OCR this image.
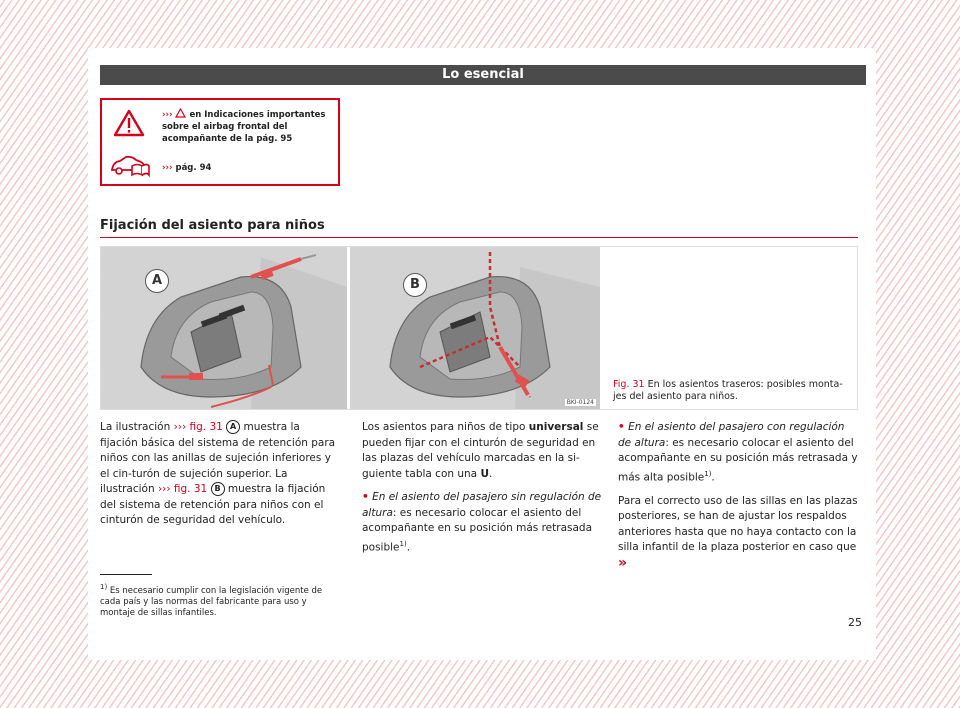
Lo esencial
››› en Indicaciones importantes sobre el airbag frontal del acompañante de la pág. 95
››› pág. 94
Fijación del asiento para niños
A	B
BKI-0124
Fig. 31 En los asientos traseros: posibles monta-jes del asiento para niños.

La ilustración ››› fig. 31 A muestra la fijación básica del sistema de retención para niños con las anillas de sujeción inferiores y el cin-turón de sujeción superior. La ilustración ››› fig. 31 B muestra la fijación del sistema de retención para niños con el cinturón de seguridad del vehículo.

Los asientos para niños de tipo universal se pueden fijar con el cinturón de seguridad en las plazas del vehículo marcadas en la si-guiente tabla con una U.

• En el asiento del pasajero sin regulación de altura: es necesario colocar el asiento del acompañante en su posición más retrasada posible$^{1)}$.

• En el asiento del pasajero con regulación de altura: es necesario colocar el asiento del acompañante en su posición más retrasada y más alta posible$^{1)}$.

Para el correcto uso de las sillas en las plazas posteriores, se han de ajustar los respaldos anteriores hasta que no haya contacto con la silla infantil de la plaza posterior en caso que »

$^{1)}$ Es necesario cumplir con la legislación vigente de cada país y las normas del fabricante para uso y montaje de sillas infantiles.
25
